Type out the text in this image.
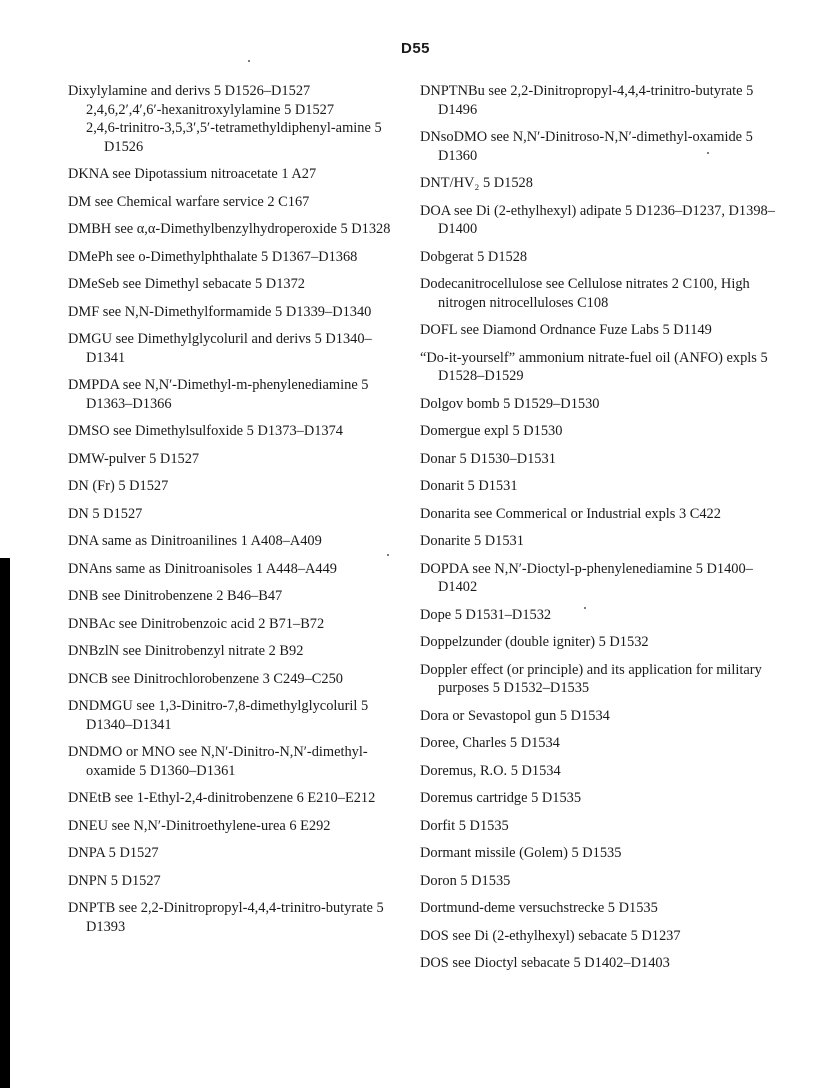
D55
Dixylylamine and derivs 5 D1526–D1527
2,4,6,2′,4′,6′-hexanitroxylylamine 5 D1527
2,4,6-trinitro-3,5,3′,5′-tetramethyldiphenyl-amine 5 D1526
DKNA see Dipotassium nitroacetate 1 A27
DM see Chemical warfare service 2 C167
DMBH see α,α-Dimethylbenzylhydroperoxide 5 D1328
DMePh see o-Dimethylphthalate 5 D1367–D1368
DMeSeb see Dimethyl sebacate 5 D1372
DMF see N,N-Dimethylformamide 5 D1339–D1340
DMGU see Dimethylglycoluril and derivs 5 D1340–D1341
DMPDA see N,N′-Dimethyl-m-phenylenediamine 5 D1363–D1366
DMSO see Dimethylsulfoxide 5 D1373–D1374
DMW-pulver 5 D1527
DN (Fr) 5 D1527
DN 5 D1527
DNA same as Dinitroanilines 1 A408–A409
DNAns same as Dinitroanisoles 1 A448–A449
DNB see Dinitrobenzene 2 B46–B47
DNBAc see Dinitrobenzoic acid 2 B71–B72
DNBzlN see Dinitrobenzyl nitrate 2 B92
DNCB see Dinitrochlorobenzene 3 C249–C250
DNDMGU see 1,3-Dinitro-7,8-dimethylglycoluril 5 D1340–D1341
DNDMO or MNO see N,N′-Dinitro-N,N′-dimethyl-oxamide 5 D1360–D1361
DNEtB see 1-Ethyl-2,4-dinitrobenzene 6 E210–E212
DNEU see N,N′-Dinitroethylene-urea 6 E292
DNPA 5 D1527
DNPN 5 D1527
DNPTB see 2,2-Dinitropropyl-4,4,4-trinitro-butyrate 5 D1393
DNPTNBu see 2,2-Dinitropropyl-4,4,4-trinitro-butyrate 5 D1496
DNsoDMO see N,N′-Dinitroso-N,N′-dimethyl-oxamide 5 D1360
DNT/HV₂ 5 D1528
DOA see Di (2-ethylhexyl) adipate 5 D1236–D1237, D1398–D1400
Dobgerat 5 D1528
Dodecanitrocellulose see Cellulose nitrates 2 C100, High nitrogen nitrocelluloses C108
DOFL see Diamond Ordnance Fuze Labs 5 D1149
“Do-it-yourself” ammonium nitrate-fuel oil (ANFO) expls 5 D1528–D1529
Dolgov bomb 5 D1529–D1530
Domergue expl 5 D1530
Donar 5 D1530–D1531
Donarit 5 D1531
Donarita see Commerical or Industrial expls 3 C422
Donarite 5 D1531
DOPDA see N,N′-Dioctyl-p-phenylenediamine 5 D1400–D1402
Dope 5 D1531–D1532
Doppelzunder (double igniter) 5 D1532
Doppler effect (or principle) and its application for military purposes 5 D1532–D1535
Dora or Sevastopol gun 5 D1534
Doree, Charles 5 D1534
Doremus, R.O. 5 D1534
Doremus cartridge 5 D1535
Dorfit 5 D1535
Dormant missile (Golem) 5 D1535
Doron 5 D1535
Dortmund-deme versuchstrecke 5 D1535
DOS see Di (2-ethylhexyl) sebacate 5 D1237
DOS see Dioctyl sebacate 5 D1402–D1403
